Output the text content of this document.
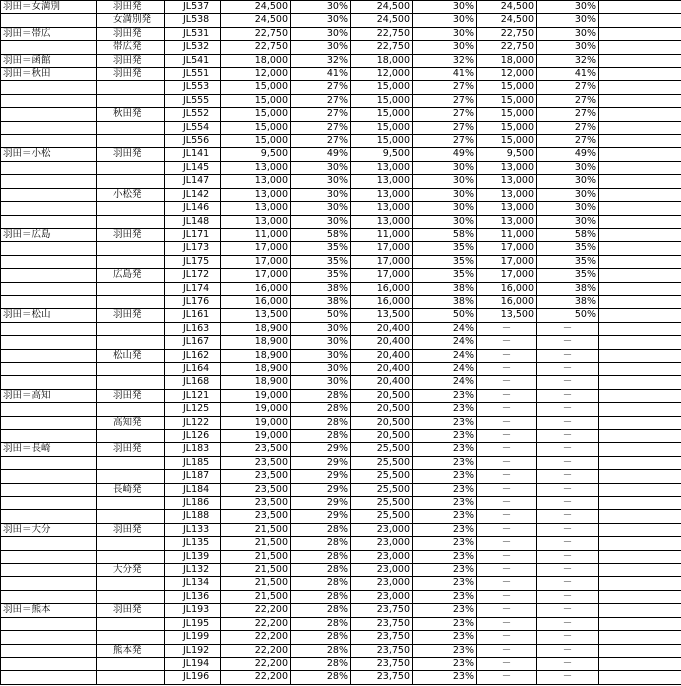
羽田＝女満別	羽田発	JL537	24,500	30%	24,500	30%	24,500	30%	
	女満別発	JL538	24,500	30%	24,500	30%	24,500	30%	
羽田＝帯広	羽田発	JL531	22,750	30%	22,750	30%	22,750	30%	
	帯広発	JL532	22,750	30%	22,750	30%	22,750	30%	
羽田＝函館	羽田発	JL541	18,000	32%	18,000	32%	18,000	32%	
羽田＝秋田	羽田発	JL551	12,000	41%	12,000	41%	12,000	41%	
		JL553	15,000	27%	15,000	27%	15,000	27%	
		JL555	15,000	27%	15,000	27%	15,000	27%	
	秋田発	JL552	15,000	27%	15,000	27%	15,000	27%	
		JL554	15,000	27%	15,000	27%	15,000	27%	
		JL556	15,000	27%	15,000	27%	15,000	27%	
羽田＝小松	羽田発	JL141	9,500	49%	9,500	49%	9,500	49%	
		JL145	13,000	30%	13,000	30%	13,000	30%	
		JL147	13,000	30%	13,000	30%	13,000	30%	
	小松発	JL142	13,000	30%	13,000	30%	13,000	30%	
		JL146	13,000	30%	13,000	30%	13,000	30%	
		JL148	13,000	30%	13,000	30%	13,000	30%	
羽田＝広島	羽田発	JL171	11,000	58%	11,000	58%	11,000	58%	
		JL173	17,000	35%	17,000	35%	17,000	35%	
		JL175	17,000	35%	17,000	35%	17,000	35%	
	広島発	JL172	17,000	35%	17,000	35%	17,000	35%	
		JL174	16,000	38%	16,000	38%	16,000	38%	
		JL176	16,000	38%	16,000	38%	16,000	38%	
羽田＝松山	羽田発	JL161	13,500	50%	13,500	50%	13,500	50%	
		JL163	18,900	30%	20,400	24%	－	－	
		JL167	18,900	30%	20,400	24%	－	－	
	松山発	JL162	18,900	30%	20,400	24%	－	－	
		JL164	18,900	30%	20,400	24%	－	－	
		JL168	18,900	30%	20,400	24%	－	－	
羽田＝高知	羽田発	JL121	19,000	28%	20,500	23%	－	－	
		JL125	19,000	28%	20,500	23%	－	－	
	高知発	JL122	19,000	28%	20,500	23%	－	－	
		JL126	19,000	28%	20,500	23%	－	－	
羽田＝長崎	羽田発	JL183	23,500	29%	25,500	23%	－	－	
		JL185	23,500	29%	25,500	23%	－	－	
		JL187	23,500	29%	25,500	23%	－	－	
	長崎発	JL184	23,500	29%	25,500	23%	－	－	
		JL186	23,500	29%	25,500	23%	－	－	
		JL188	23,500	29%	25,500	23%	－	－	
羽田＝大分	羽田発	JL133	21,500	28%	23,000	23%	－	－	
		JL135	21,500	28%	23,000	23%	－	－	
		JL139	21,500	28%	23,000	23%	－	－	
	大分発	JL132	21,500	28%	23,000	23%	－	－	
		JL134	21,500	28%	23,000	23%	－	－	
		JL136	21,500	28%	23,000	23%	－	－	
羽田＝熊本	羽田発	JL193	22,200	28%	23,750	23%	－	－	
		JL195	22,200	28%	23,750	23%	－	－	
		JL199	22,200	28%	23,750	23%	－	－	
	熊本発	JL192	22,200	28%	23,750	23%	－	－	
		JL194	22,200	28%	23,750	23%	－	－	
		JL196	22,200	28%	23,750	23%	－	－	
